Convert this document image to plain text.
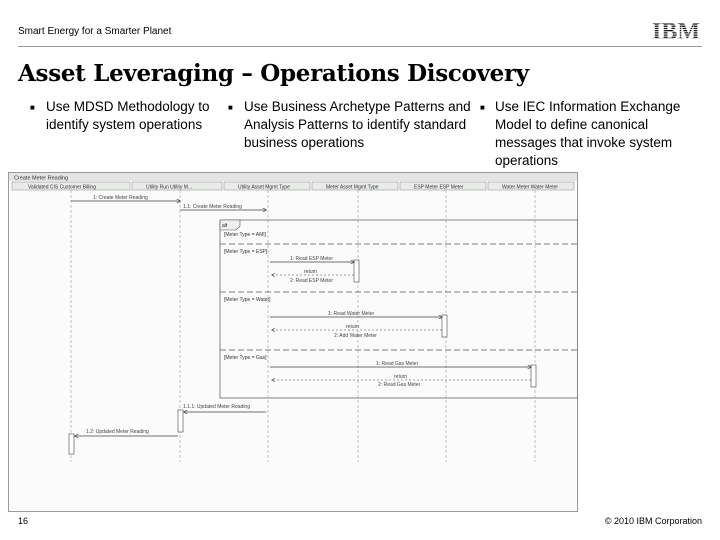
Smart Energy for a Smarter Planet
Asset Leveraging – Operations Discovery
■ Use MDSD Methodology to identify system operations
■ Use Business Archetype Patterns and Analysis Patterns to identify standard business operations
■ Use IEC Information Exchange Model to define canonical messages that invoke system operations
Create Meter Reading
Validated CIS Customer Billing	Utility Run Utility M...	Utility Asset Mgmt Type	Meter Asset Mgmt Type	ESP Meter ESP Meter	Water Meter Water Meter
1: Create Meter Reading
1.1: Create Meter Reading
alt
[Meter Type = AMI]
[Meter Type = ESP]
[Meter Type = Water]
[Meter Type = Gas]
1: Read ESP Meter
return
2: Read ESP Meter
1: Read Water Meter
return
2: Add Water Meter
1: Read Gas Meter
return
2: Read Gas Meter
1.1.1: Updated Meter Reading
1.2: Updated Meter Reading
16	© 2010 IBM Corporation
